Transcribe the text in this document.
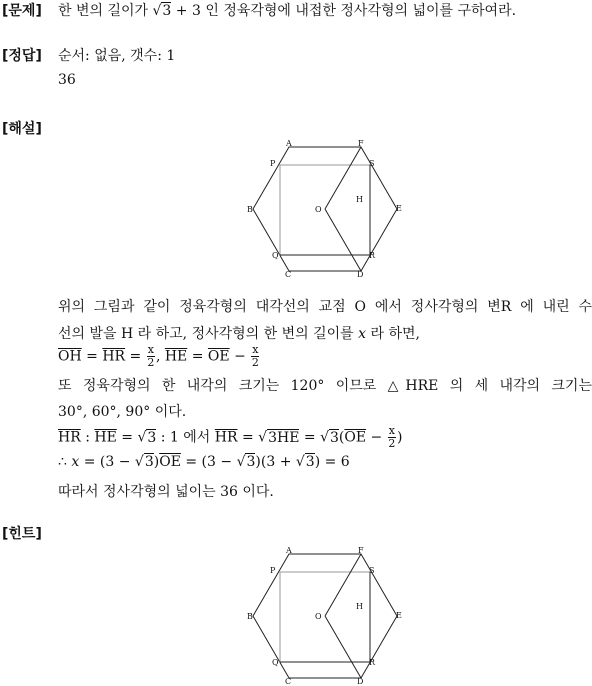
[문제] 한 변의 길이가 √3 + 3 인 정육각형에 내접한 정사각형의 넓이를 구하여라.
[정답] 순서: 없음, 갯수: 1
36
[해설]
A	F
P	S
B	O
H
E
Q	R
C	D
위의 그림과 같이 정육각형의 대각선의 교점 O 에서 정사각형의 변R 에 내린 수
선의 발을 H 라 하고, 정사각형의 한 변의 길이를 x 라 하면,
$\overline{OH} = \overline{HR} = \frac{x}{2}$ , $\overline{HE} = \overline{OE} - \frac{x}{2}$
또 정육각형의 한 내각의 크기는 120° 이므로 △HRE 의 세 내각의 크기는
30°, 60°, 90° 이다.
$\overline{HR}$ : $\overline{HE} = √3$ : 1 에서 $\overline{HR} = √3HE = √3(\overline{OE} - \frac{x}{2}$ )
∴ $x = (3 - √3)\overline{OE} = (3 - √3)(3 + √3) = 6$
따라서 정사각형의 넓이는 36 이다.
[힌트]
A	F
P	S
B	O
H
E
Q	R
C	D
